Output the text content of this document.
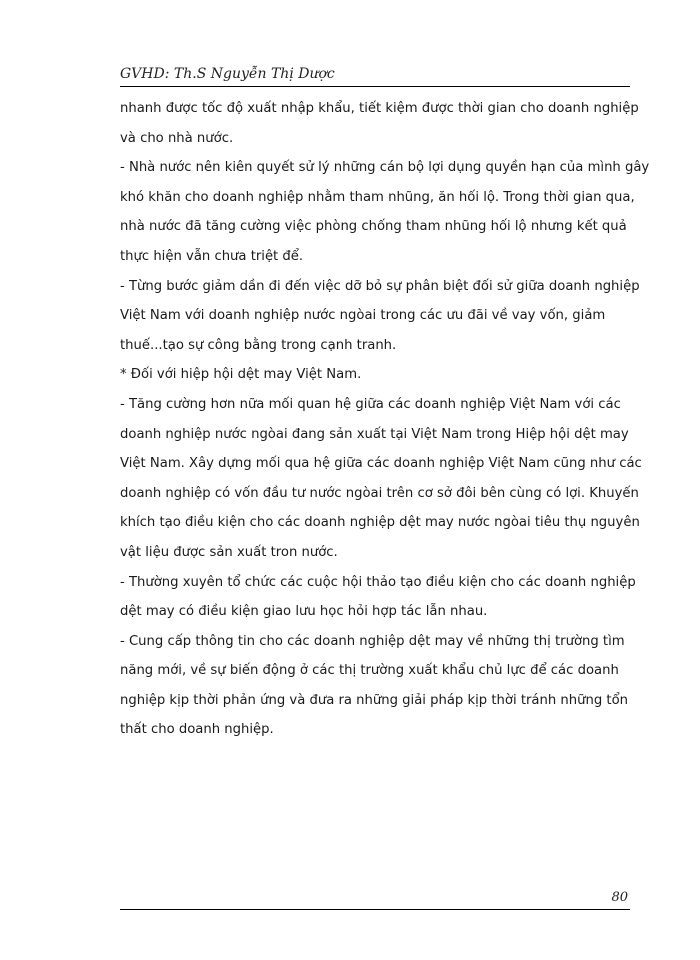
GVHD: Th.S Nguyễn Thị Dược
nhanh được tốc độ xuất nhập khẩu, tiết kiệm được thời gian cho doanh nghiệp
và cho nhà nước.
- Nhà nước nên kiên quyết sử lý những cán bộ lợi dụng quyền hạn của mình gây
khó khăn cho doanh nghiệp nhằm tham nhũng, ăn hối lộ. Trong thời gian qua,
nhà nước đã tăng cường việc phòng chống tham nhũng hối lộ nhưng kết quả
thực hiện vẫn chưa triệt để.
- Từng bước giảm dần đi đến việc dỡ bỏ sự phân biệt đối sử giữa doanh nghiệp
Việt Nam với doanh nghiệp nước ngòai trong các ưu đãi về vay vốn, giảm
thuế...tạo sự công bằng trong cạnh tranh.
* Đối với hiệp hội dệt may Việt Nam.
- Tăng cường hơn nữa mối quan hệ giữa các doanh nghiệp Việt Nam với các
doanh nghiệp nước ngòai đang sản xuất tại Việt Nam trong Hiệp hội dệt may
Việt Nam. Xây dựng mối qua hệ giữa các doanh nghiệp Việt Nam cũng như các
doanh nghiệp có vốn đầu tư nước ngòai trên cơ sở đôi bên cùng có lợi. Khuyến
khích tạo điều kiện cho các doanh nghiệp dệt may nước ngòai tiêu thụ nguyên
vật liệu được sản xuất tron nước.
- Thường xuyên tổ chức các cuộc hội thảo tạo điều kiện cho các doanh nghiệp
dệt may có điều kiện giao lưu học hỏi hợp tác lẫn nhau.
- Cung cấp thông tin cho các doanh nghiệp dệt may về những thị trường tìm
năng mới, về sự biến động ở các thị trường xuất khẩu chủ lực để các doanh
nghiệp kịp thời phản ứng và đưa ra những giải pháp kịp thời tránh những tổn
thất cho doanh nghiệp.
80
